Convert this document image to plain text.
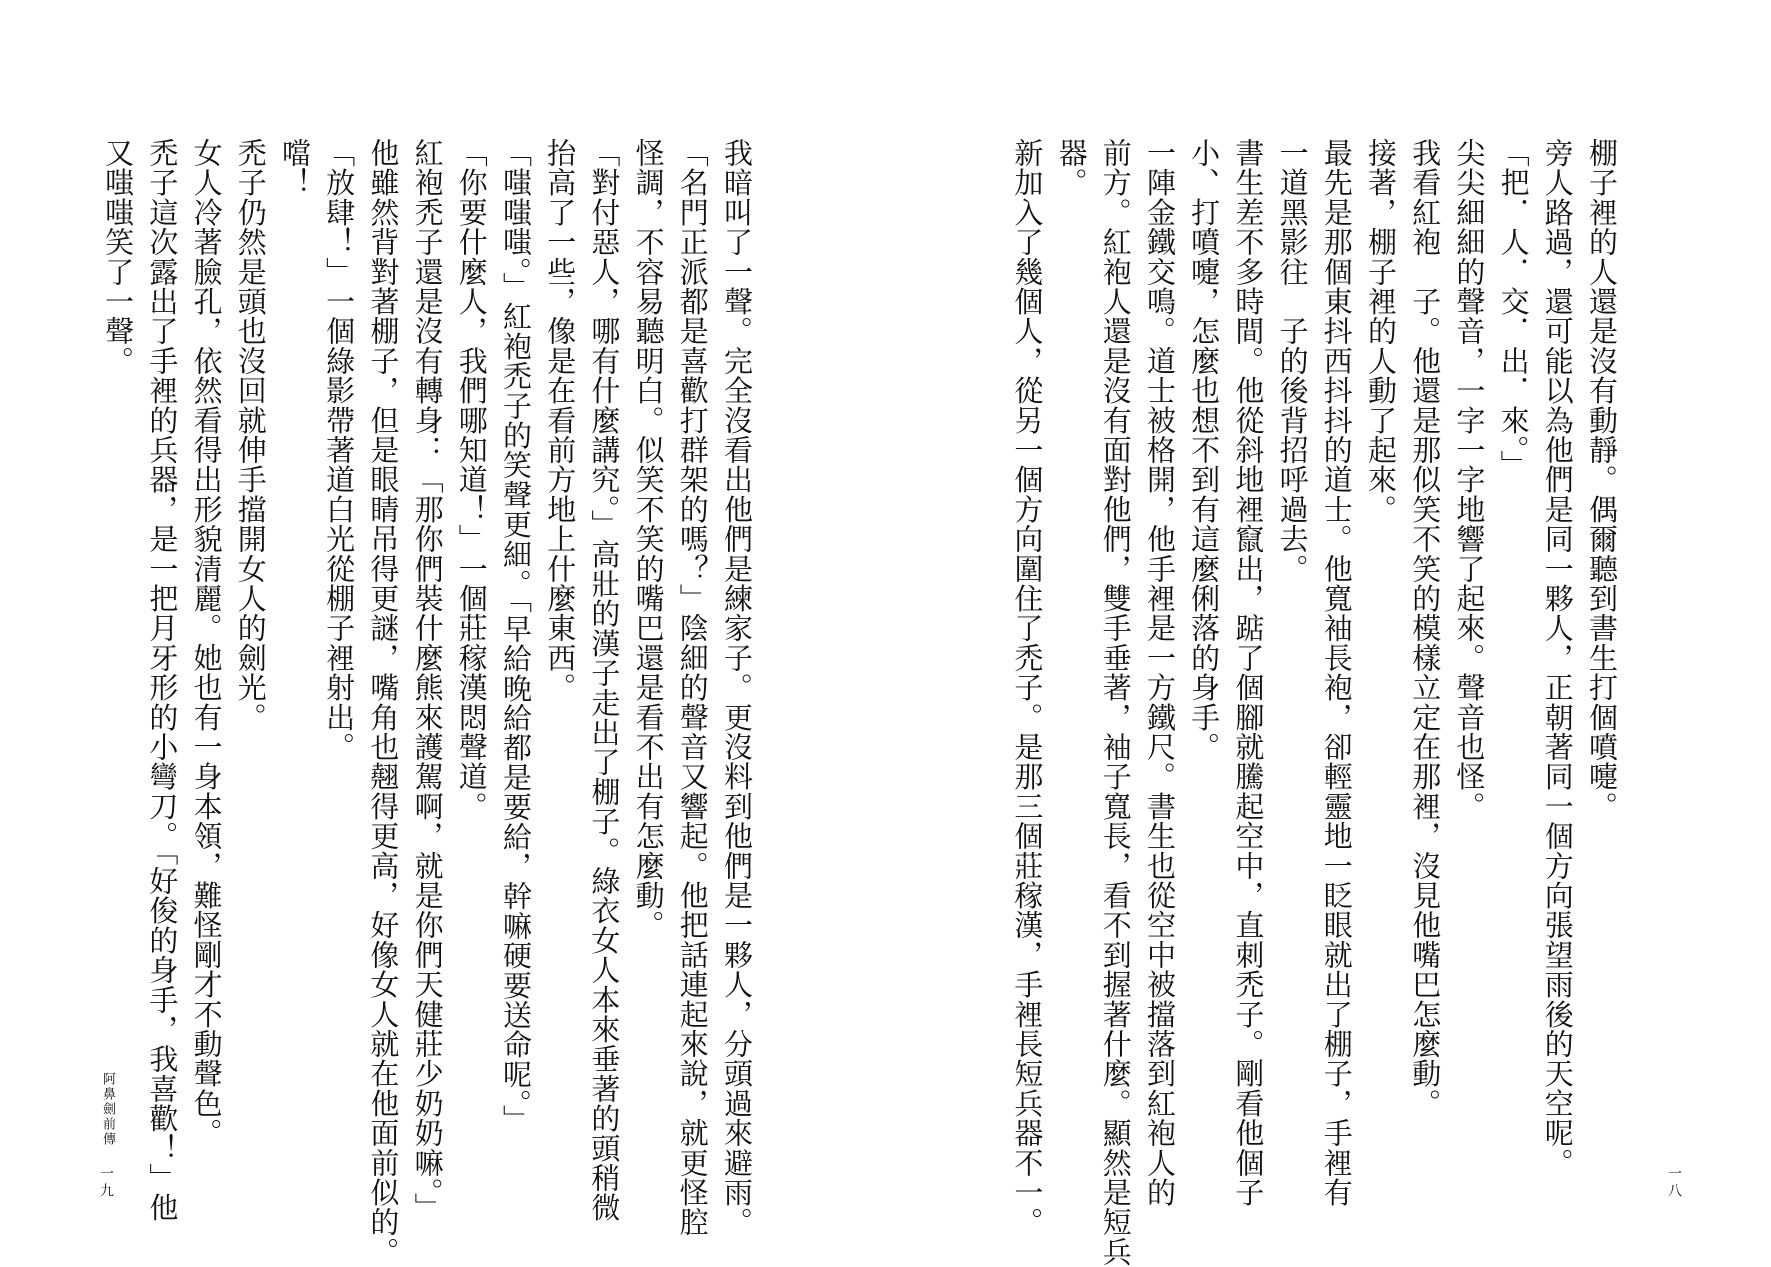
我暗叫了一聲。完全沒看出他們是練家子。更沒料到他們是一夥人，分頭過來避雨。
「名門正派都是喜歡打群架的嗎？」陰細的聲音又響起。他把話連起來說，就更怪腔
怪調，不容易聽明白。似笑不笑的嘴巴還是看不出有怎麼動。
「對付惡人，哪有什麼講究。」高壯的漢子走出了棚子。綠衣女人本來垂著的頭稍微
抬高了一些，像是在看前方地上什麼東西。
「嗤嗤嗤。」紅袍禿子的笑聲更細。「早給晚給都是要給，幹嘛硬要送命呢。」
「你要什麼人，我們哪知道！」一個莊稼漢悶聲道。
紅袍禿子還是沒有轉身：「那你們裝什麼熊來護駕啊，就是你們天健莊少奶奶嘛。」
他雖然背對著棚子，但是眼睛吊得更謎，嘴角也翹得更高，好像女人就在他面前似的。
「放肆！」一個綠影帶著道白光從棚子裡射出。
噹！
禿子仍然是頭也沒回就伸手擋開女人的劍光。
女人冷著臉孔，依然看得出形貌清麗。她也有一身本領，難怪剛才不動聲色。
禿子這次露出了手裡的兵器，是一把月牙形的小彎刀。「好俊的身手，我喜歡！」他
又嗤嗤笑了一聲。
阿鼻劍前傳
一九
棚子裡的人還是沒有動靜。偶爾聽到書生打個噴嚏。
旁人路過，還可能以為他們是同一夥人，正朝著同一個方向張望雨後的天空呢。
「把．人．交．出．來。」
尖尖細細的聲音，一字一字地響了起來。聲音也怪。
我看紅袍　子。他還是那似笑不笑的模樣立定在那裡，沒見他嘴巴怎麼動。
接著，棚子裡的人動了起來。
最先是那個東抖西抖抖的道士。他寬袖長袍，卻輕靈地一眨眼就出了棚子，手裡有
一道黑影往　子的後背招呼過去。
書生差不多時間。他從斜地裡竄出，踮了個腳就騰起空中，直刺禿子。剛看他個子
小、打噴嚏，怎麼也想不到有這麼俐落的身手。
一陣金鐵交鳴。道士被格開，他手裡是一方鐵尺。書生也從空中被擋落到紅袍人的
前方。紅袍人還是沒有面對他們，雙手垂著，袖子寬長，看不到握著什麼。顯然是短兵
器。
新加入了幾個人，從另一個方向圍住了禿子。是那三個莊稼漢，手裡長短兵器不一。	一八
